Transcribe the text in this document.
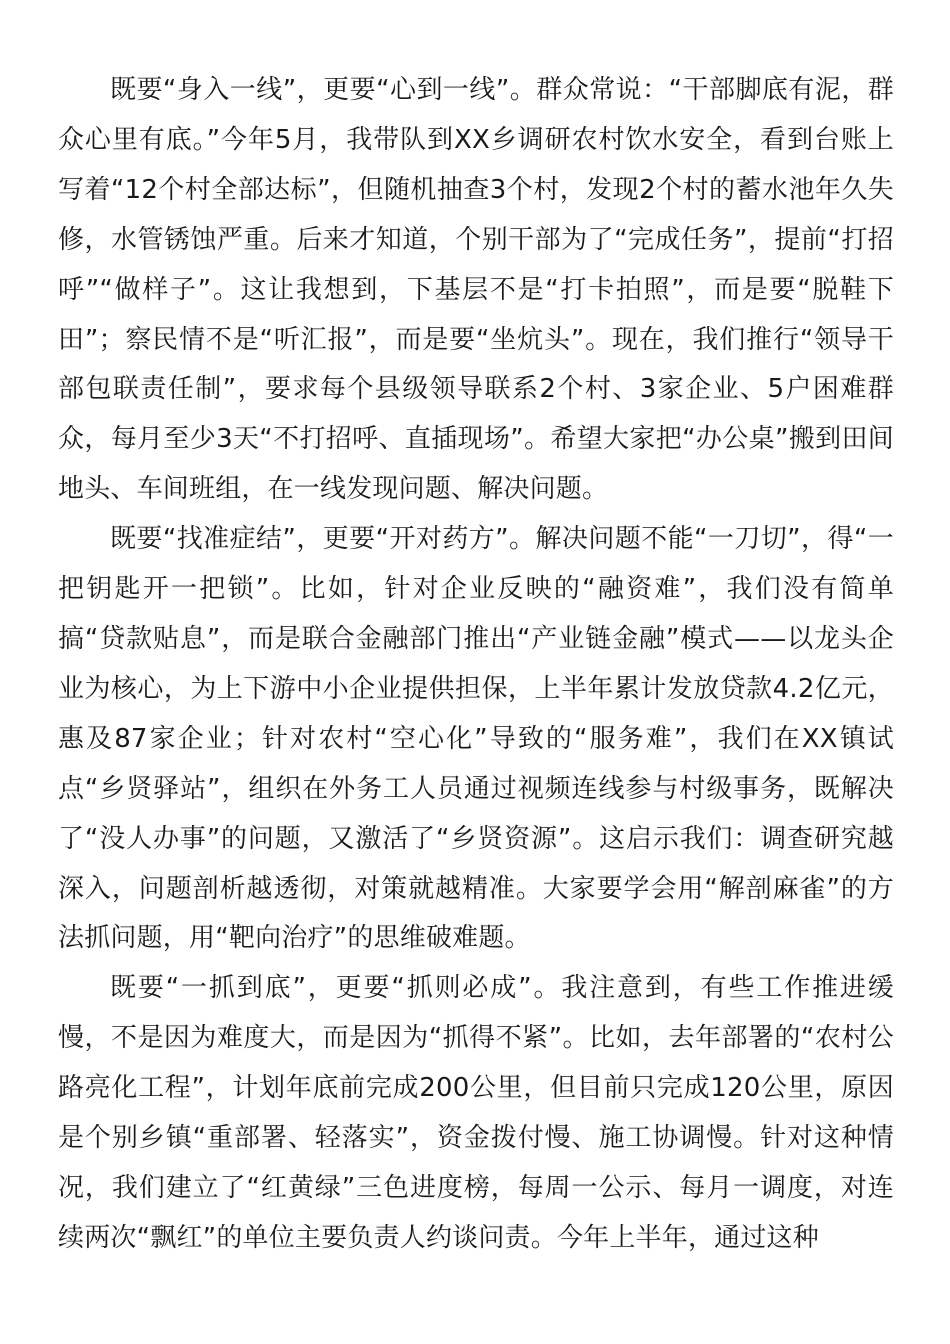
既要“身入一线”，更要“心到一线”。群众常说：“干部脚底有泥，群众心里有底。”今年5月，我带队到XX乡调研农村饮水安全，看到台账上写着“12个村全部达标”，但随机抽查3个村，发现2个村的蓄水池年久失修，水管锈蚀严重。后来才知道，个别干部为了“完成任务”，提前“打招呼”“做样子”。这让我想到，下基层不是“打卡拍照”，而是要“脱鞋下田”；察民情不是“听汇报”，而是要“坐炕头”。现在，我们推行“领导干部包联责任制”，要求每个县级领导联系2个村、3家企业、5户困难群众，每月至少3天“不打招呼、直插现场”。希望大家把“办公桌”搬到田间地头、车间班组，在一线发现问题、解决问题。

既要“找准症结”，更要“开对药方”。解决问题不能“一刀切”，得“一把钥匙开一把锁”。比如，针对企业反映的“融资难”，我们没有简单搞“贷款贴息”，而是联合金融部门推出“产业链金融”模式——以龙头企业为核心，为上下游中小企业提供担保，上半年累计发放贷款4.2亿元，惠及87家企业；针对农村“空心化”导致的“服务难”，我们在XX镇试点“乡贤驿站”，组织在外务工人员通过视频连线参与村级事务，既解决了“没人办事”的问题，又激活了“乡贤资源”。这启示我们：调查研究越深入，问题剖析越透彻，对策就越精准。大家要学会用“解剖麻雀”的方法抓问题，用“靶向治疗”的思维破难题。

既要“一抓到底”，更要“抓则必成”。我注意到，有些工作推进缓慢，不是因为难度大，而是因为“抓得不紧”。比如，去年部署的“农村公路亮化工程”，计划年底前完成200公里，但目前只完成120公里，原因是个别乡镇“重部署、轻落实”，资金拨付慢、施工协调慢。针对这种情况，我们建立了“红黄绿”三色进度榜，每周一公示、每月一调度，对连续两次“飘红”的单位主要负责人约谈问责。今年上半年，通过这种
